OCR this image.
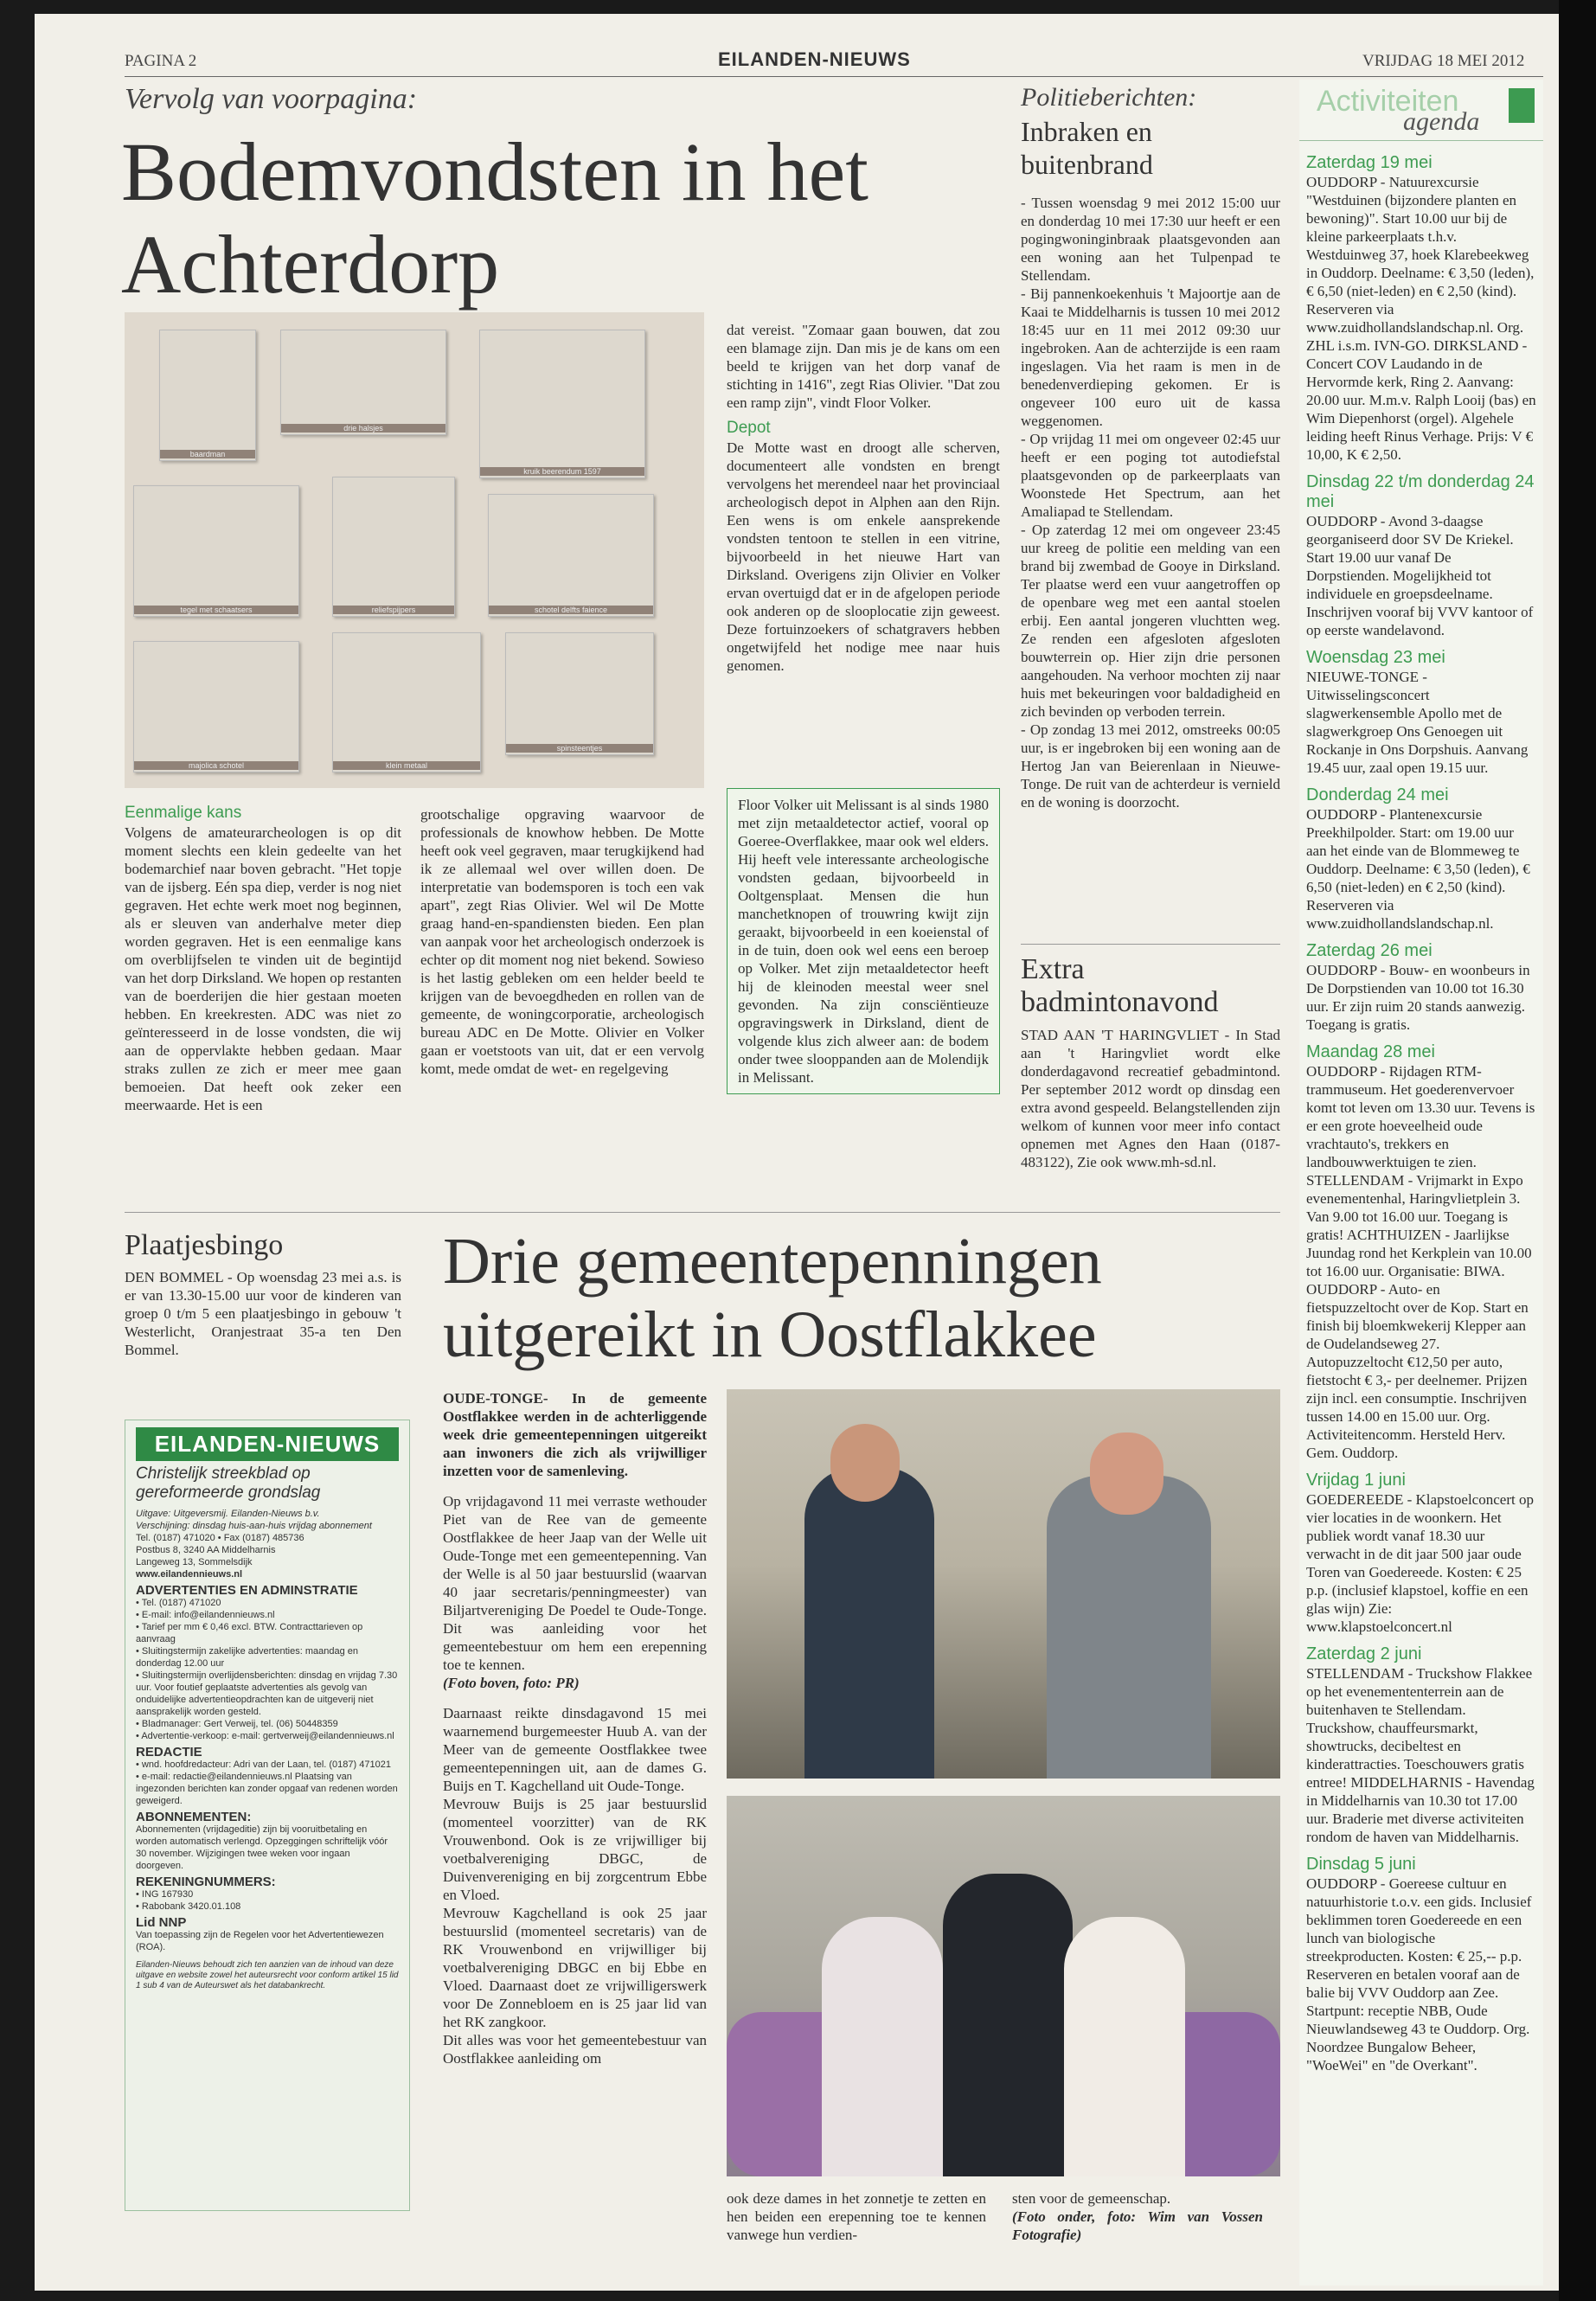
PAGINA 2	EILANDEN-NIEUWS	VRIJDAG 18 MEI 2012
Vervolg van voorpagina:
Bodemvondsten in het
Achterdorp
baardman
drie halsjes
kruik beerendum 1597
tegel met schaatsers	reliefspijpers	schotel delfts faience
majolica schotel	klein metaal
spinsteentjes
Eenmalige kans

Volgens de amateurarcheologen is op dit moment slechts een klein gedeelte van het bodemarchief naar boven gebracht. "Het topje van de ijsberg. Eén spa diep, verder is nog niet gegraven. Het echte werk moet nog beginnen, als er sleuven van anderhalve meter diep worden gegraven. Het is een eenmalige kans om overblijfselen te vinden uit de begintijd van het dorp Dirksland. We hopen op restanten van de boerderijen die hier gestaan moeten hebben. En kreekresten. ADC was niet zo geïnteresseerd in de losse vondsten, die wij aan de oppervlakte hebben gedaan. Maar straks zullen ze zich er meer mee gaan bemoeien. Dat heeft ook zeker een meerwaarde. Het is een

grootschalige opgraving waarvoor de professionals de knowhow hebben. De Motte heeft ook veel gegraven, maar terugkijkend had ik ze allemaal wel over willen doen. De interpretatie van bodemsporen is toch een vak apart", zegt Rias Olivier. Wel wil De Motte graag hand-en-spandiensten bieden. Een plan van aanpak voor het archeologisch onderzoek is echter op dit moment nog niet bekend. Sowieso is het lastig gebleken om een helder beeld te krijgen van de bevoegdheden en rollen van de gemeente, de woningcorporatie, archeologisch bureau ADC en De Motte. Olivier en Volker gaan er voetstoots van uit, dat er een vervolg komt, mede omdat de wet- en regelgeving

dat vereist. "Zomaar gaan bouwen, dat zou een blamage zijn. Dan mis je de kans om een beeld te krijgen van het dorp vanaf de stichting in 1416", zegt Rias Olivier. "Dat zou een ramp zijn", vindt Floor Volker.

Depot

De Motte wast en droogt alle scherven, documenteert alle vondsten en brengt vervolgens het merendeel naar het provinciaal archeologisch depot in Alphen aan den Rijn. Een wens is om enkele aansprekende vondsten tentoon te stellen in een vitrine, bijvoorbeeld in het nieuwe Hart van Dirksland. Overigens zijn Olivier en Volker ervan overtuigd dat er in de afgelopen periode ook anderen op de slooplocatie zijn geweest. Deze fortuinzoekers of schatgravers hebben ongetwijfeld het nodige mee naar huis genomen.

Floor Volker uit Melissant is al sinds 1980 met zijn metaaldetector actief, vooral op Goeree-Overflakkee, maar ook wel elders. Hij heeft vele interessante archeologische vondsten gedaan, bijvoorbeeld in Ooltgensplaat. Mensen die hun manchetknopen of trouwring kwijt zijn geraakt, bijvoorbeeld in een koeienstal of in de tuin, doen ook wel eens een beroep op Volker. Met zijn metaaldetector heeft hij de kleinoden meestal weer snel gevonden. Na zijn consciëntieuze opgravingswerk in Dirksland, dient de volgende klus zich alweer aan: de bodem onder twee slooppanden aan de Molendijk in Melissant.

Politieberichten:
Inbraken en buitenbrand

- Tussen woensdag 9 mei 2012 15:00 uur en donderdag 10 mei 17:30 uur heeft er een pogingwoninginbraak plaatsgevonden aan een woning aan het Tulpenpad te Stellendam.

- Bij pannenkoekenhuis 't Majoortje aan de Kaai te Middelharnis is tussen 10 mei 2012 18:45 uur en 11 mei 2012 09:30 uur ingebroken. Aan de achterzijde is een raam ingeslagen. Via het raam is men in de benedenverdieping gekomen. Er is ongeveer 100 euro uit de kassa weggenomen.

- Op vrijdag 11 mei om ongeveer 02:45 uur heeft er een poging tot autodiefstal plaatsgevonden op de parkeerplaats van Woonstede Het Spectrum, aan het Amaliapad te Stellendam.

- Op zaterdag 12 mei om ongeveer 23:45 uur kreeg de politie een melding van een brand bij zwembad de Gooye in Dirksland. Ter plaatse werd een vuur aangetroffen op de openbare weg met een aantal stoelen erbij. Een aantal jongeren vluchtten weg. Ze renden een afgesloten afgesloten bouwterrein op. Hier zijn drie personen aangehouden. Na verhoor mochten zij naar huis met bekeuringen voor baldadigheid en zich bevinden op verboden terrein.

- Op zondag 13 mei 2012, omstreeks 00:05 uur, is er ingebroken bij een woning aan de Hertog Jan van Beierenlaan in Nieuwe-Tonge. De ruit van de achterdeur is vernield en de woning is doorzocht.

Extra badmintonavond
STAD AAN 'T HARINGVLIET - In Stad aan 't Haringvliet wordt elke donderdagavond recreatief gebadmintond. Per september 2012 wordt op dinsdag een extra avond gespeeld. Belangstellenden zijn welkom of kunnen voor meer info contact opnemen met Agnes den Haan (0187-483122), Zie ook www.mh-sd.nl.
Plaatjesbingo
DEN BOMMEL - Op woensdag 23 mei a.s. is er van 13.30-15.00 uur voor de kinderen van groep 0 t/m 5 een plaatjesbingo in gebouw 't Westerlicht, Oranjestraat 35-a ten Den Bommel.
EILANDEN-NIEUWS
Christelijk streekblad op
gereformeerde grondslag
Uitgave: Uitgeversmij. Eilanden-Nieuws b.v.
Verschijning: dinsdag huis-aan-huis vrijdag abonnement
Tel. (0187) 471020 • Fax (0187) 485736
Postbus 8, 3240 AA Middelharnis
Langeweg 13, Sommelsdijk
www.eilandennieuws.nl
ADVERTENTIES EN ADMINSTRATIE
• Tel. (0187) 471020
• E-mail: info@eilandennieuws.nl
• Tarief per mm € 0,46 excl. BTW. Contracttarieven op aanvraag
• Sluitingstermijn zakelijke advertenties: maandag en donderdag 12.00 uur
• Sluitingstermijn overlijdensberichten: dinsdag en vrijdag 7.30 uur. Voor foutief geplaatste advertenties als gevolg van onduidelijke advertentieopdrachten kan de uitgeverij niet aansprakelijk worden gesteld.
• Bladmanager: Gert Verweij, tel. (06) 50448359
• Advertentie-verkoop: e-mail: gertverweij@eilandennieuws.nl
REDACTIE
• wnd. hoofdredacteur: Adri van der Laan, tel. (0187) 471021
• e-mail: redactie@eilandennieuws.nl Plaatsing van ingezonden berichten kan zonder opgaaf van redenen worden geweigerd.
ABONNEMENTEN:
Abonnementen (vrijdageditie) zijn bij vooruitbetaling en worden automatisch verlengd. Opzeggingen schriftelijk vóór 30 november. Wijzigingen twee weken voor ingaan doorgeven.
REKENINGNUMMERS:
• ING 167930
• Rabobank 3420.01.108
Lid NNP
Van toepassing zijn de Regelen voor het Advertentiewezen (ROA).
Eilanden-Nieuws behoudt zich ten aanzien van de inhoud van deze uitgave en website zowel het auteursrecht voor conform artikel 15 lid 1 sub 4 van de Auteurswet als het databankrecht.
Drie gemeentepenningen
uitgereikt in Oostflakkee

OUDE-TONGE- In de gemeente Oostflakkee werden in de achterliggende week drie gemeentepenningen uitgereikt aan inwoners die zich als vrijwilliger inzetten voor de samenleving.

Op vrijdagavond 11 mei verraste wethouder Piet van de Ree van de gemeente Oostflakkee de heer Jaap van der Welle uit Oude-Tonge met een gemeentepenning. Van der Welle is al 50 jaar bestuurslid (waarvan 40 jaar secretaris/penningmeester) van Biljartvereniging De Poedel te Oude-Tonge. Dit was aanleiding voor het gemeentebestuur om hem een erepenning toe te kennen.

(Foto boven, foto: PR)

Daarnaast reikte dinsdagavond 15 mei waarnemend burgemeester Huub A. van der Meer van de gemeente Oostflakkee twee gemeentepenningen uit, aan de dames G. Buijs en T. Kagchelland uit Oude-Tonge.

Mevrouw Buijs is 25 jaar bestuurslid (momenteel voorzitter) van de RK Vrouwenbond. Ook is ze vrijwilliger bij voetbalvereniging DBGC, de Duivenvereniging en bij zorgcentrum Ebbe en Vloed.

Mevrouw Kagchelland is ook 25 jaar bestuurslid (momenteel secretaris) van de RK Vrouwenbond en vrijwilliger bij voetbalvereniging DBGC en bij Ebbe en Vloed. Daarnaast doet ze vrijwilligerswerk voor De Zonnebloem en is 25 jaar lid van het RK zangkoor.

Dit alles was voor het gemeentebestuur van Oostflakkee aanleiding om

ook deze dames in het zonnetje te zetten en hen beiden een erepenning toe te kennen vanwege hun verdien-

sten voor de gemeenschap.

(Foto onder, foto: Wim van Vossen Fotografie)

Activiteiten
agenda
Zaterdag 19 mei
OUDDORP - Natuurexcursie "Westduinen (bijzondere planten en bewoning)". Start 10.00 uur bij de kleine parkeerplaats t.h.v. Westduinweg 37, hoek Klarebeekweg in Ouddorp. Deelname: € 3,50 (leden), € 6,50 (niet-leden) en € 2,50 (kind). Reserveren via www.zuidhollandslandschap.nl. Org. ZHL i.s.m. IVN-GO. DIRKSLAND - Concert COV Laudando in de Hervormde kerk, Ring 2. Aanvang: 20.00 uur. M.m.v. Ralph Looij (bas) en Wim Diepenhorst (orgel). Algehele leiding heeft Rinus Verhage. Prijs: V € 10,00, K € 2,50.
Dinsdag 22 t/m donderdag 24 mei
OUDDORP - Avond 3-daagse georganiseerd door SV De Kriekel. Start 19.00 uur vanaf De Dorpstienden. Mogelijkheid tot individuele en groepsdeelname. Inschrijven vooraf bij VVV kantoor of op eerste wandelavond.
Woensdag 23 mei
NIEUWE-TONGE - Uitwisselingsconcert slagwerkensemble Apollo met de slagwerkgroep Ons Genoegen uit Rockanje in Ons Dorpshuis. Aanvang 19.45 uur, zaal open 19.15 uur.
Donderdag 24 mei
OUDDORP - Plantenexcursie Preekhilpolder. Start: om 19.00 uur aan het einde van de Blommeweg te Ouddorp. Deelname: € 3,50 (leden), € 6,50 (niet-leden) en € 2,50 (kind). Reserveren via www.zuidhollandslandschap.nl.
Zaterdag 26 mei
OUDDORP - Bouw- en woonbeurs in De Dorpstienden van 10.00 tot 16.30 uur. Er zijn ruim 20 stands aanwezig. Toegang is gratis.
Maandag 28 mei
OUDDORP - Rijdagen RTM-trammuseum. Het goederenvervoer komt tot leven om 13.30 uur. Tevens is er een grote hoeveelheid oude vrachtauto's, trekkers en landbouwwerktuigen te zien. STELLENDAM - Vrijmarkt in Expo evenementenhal, Haringvlietplein 3. Van 9.00 tot 16.00 uur. Toegang is gratis! ACHTHUIZEN - Jaarlijkse Juundag rond het Kerkplein van 10.00 tot 16.00 uur. Organisatie: BIWA. OUDDORP - Auto- en fietspuzzeltocht over de Kop. Start en finish bij bloemkwekerij Klepper aan de Oudelandseweg 27. Autopuzzeltocht €12,50 per auto, fietstocht € 3,- per deelnemer. Prijzen zijn incl. een consumptie. Inschrijven tussen 14.00 en 15.00 uur. Org. Activiteitencomm. Hersteld Herv. Gem. Ouddorp.
Vrijdag 1 juni
GOEDEREEDE - Klapstoelconcert op vier locaties in de woonkern. Het publiek wordt vanaf 18.30 uur verwacht in de dit jaar 500 jaar oude Toren van Goedereede. Kosten: € 25 p.p. (inclusief klapstoel, koffie en een glas wijn) Zie: www.klapstoelconcert.nl
Zaterdag 2 juni
STELLENDAM - Truckshow Flakkee op het evenemententerrein aan de buitenhaven te Stellendam. Truckshow, chauffeursmarkt, showtrucks, decibeltest en kinderattracties. Toeschouwers gratis entree! MIDDELHARNIS - Havendag in Middelharnis van 10.30 tot 17.00 uur. Braderie met diverse activiteiten rondom de haven van Middelharnis.
Dinsdag 5 juni
OUDDORP - Goereese cultuur en natuurhistorie t.o.v. een gids. Inclusief beklimmen toren Goedereede en een lunch van biologische streekproducten. Kosten: € 25,-- p.p. Reserveren en betalen vooraf aan de balie bij VVV Ouddorp aan Zee. Startpunt: receptie NBB, Oude Nieuwlandseweg 43 te Ouddorp. Org. Noordzee Bungalow Beheer, "WoeWei" en "de Overkant".
